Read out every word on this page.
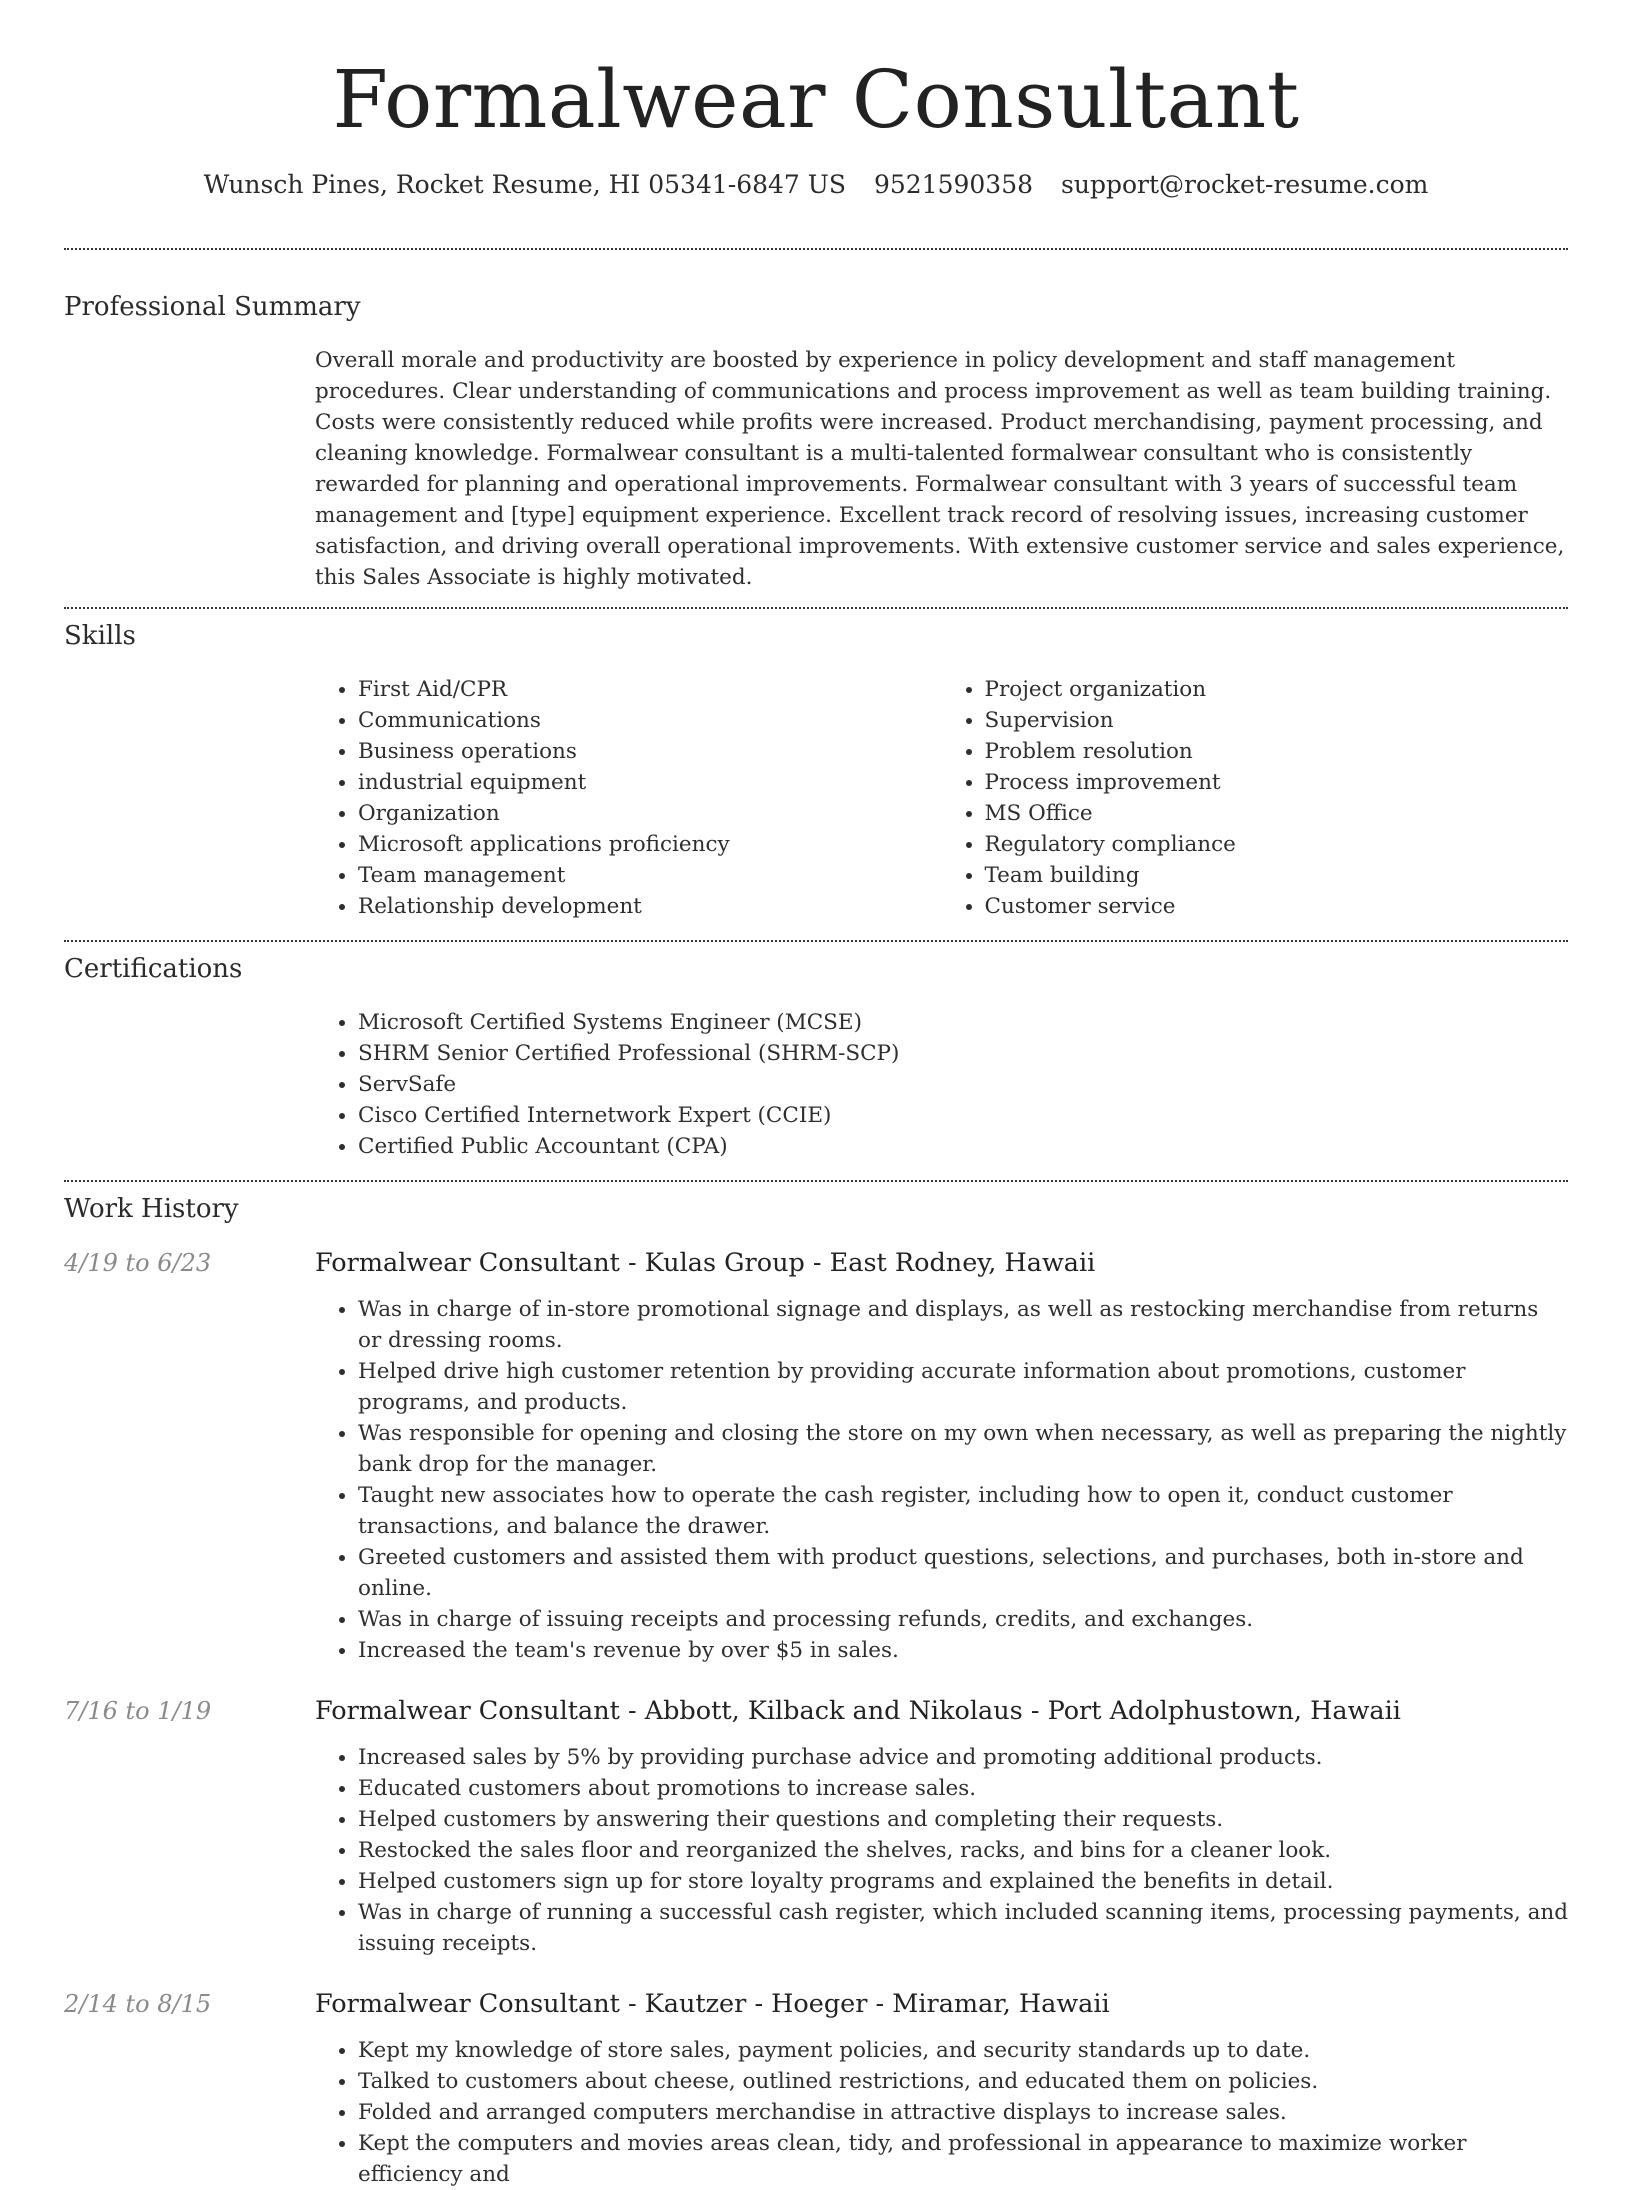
Formalwear Consultant
Wunsch Pines, Rocket Resume, HI 05341-6847 US 9521590358 support@rocket-resume.com
Professional Summary
Overall morale and productivity are boosted by experience in policy development and staff management procedures. Clear understanding of communications and process improvement as well as team building training. Costs were consistently reduced while profits were increased. Product merchandising, payment processing, and cleaning knowledge. Formalwear consultant is a multi-talented formalwear consultant who is consistently rewarded for planning and operational improvements. Formalwear consultant with 3 years of successful team management and [type] equipment experience. Excellent track record of resolving issues, increasing customer satisfaction, and driving overall operational improvements. With extensive customer service and sales experience, this Sales Associate is highly motivated.
Skills
• First Aid/CPR
• Communications
• Business operations
• industrial equipment
• Organization
• Microsoft applications proficiency
• Team management
• Relationship development
• Project organization
• Supervision
• Problem resolution
• Process improvement
• MS Office
• Regulatory compliance
• Team building
• Customer service
Certifications
• Microsoft Certified Systems Engineer (MCSE)
• SHRM Senior Certified Professional (SHRM-SCP)
• ServSafe
• Cisco Certified Internetwork Expert (CCIE)
• Certified Public Accountant (CPA)
Work History
4/19 to 6/23	Formalwear Consultant - Kulas Group - East Rodney, Hawaii
• Was in charge of in-store promotional signage and displays, as well as restocking merchandise from returns or dressing rooms.
• Helped drive high customer retention by providing accurate information about promotions, customer programs, and products.
• Was responsible for opening and closing the store on my own when necessary, as well as preparing the nightly bank drop for the manager.
• Taught new associates how to operate the cash register, including how to open it, conduct customer transactions, and balance the drawer.
• Greeted customers and assisted them with product questions, selections, and purchases, both in-store and online.
• Was in charge of issuing receipts and processing refunds, credits, and exchanges.
• Increased the team's revenue by over $5 in sales.
7/16 to 1/19	Formalwear Consultant - Abbott, Kilback and Nikolaus - Port Adolphustown, Hawaii
• Increased sales by 5% by providing purchase advice and promoting additional products.
• Educated customers about promotions to increase sales.
• Helped customers by answering their questions and completing their requests.
• Restocked the sales floor and reorganized the shelves, racks, and bins for a cleaner look.
• Helped customers sign up for store loyalty programs and explained the benefits in detail.
• Was in charge of running a successful cash register, which included scanning items, processing payments, and issuing receipts.
2/14 to 8/15	Formalwear Consultant - Kautzer - Hoeger - Miramar, Hawaii
• Kept my knowledge of store sales, payment policies, and security standards up to date.
• Talked to customers about cheese, outlined restrictions, and educated them on policies.
• Folded and arranged computers merchandise in attractive displays to increase sales.
• Kept the computers and movies areas clean, tidy, and professional in appearance to maximize worker efficiency and
